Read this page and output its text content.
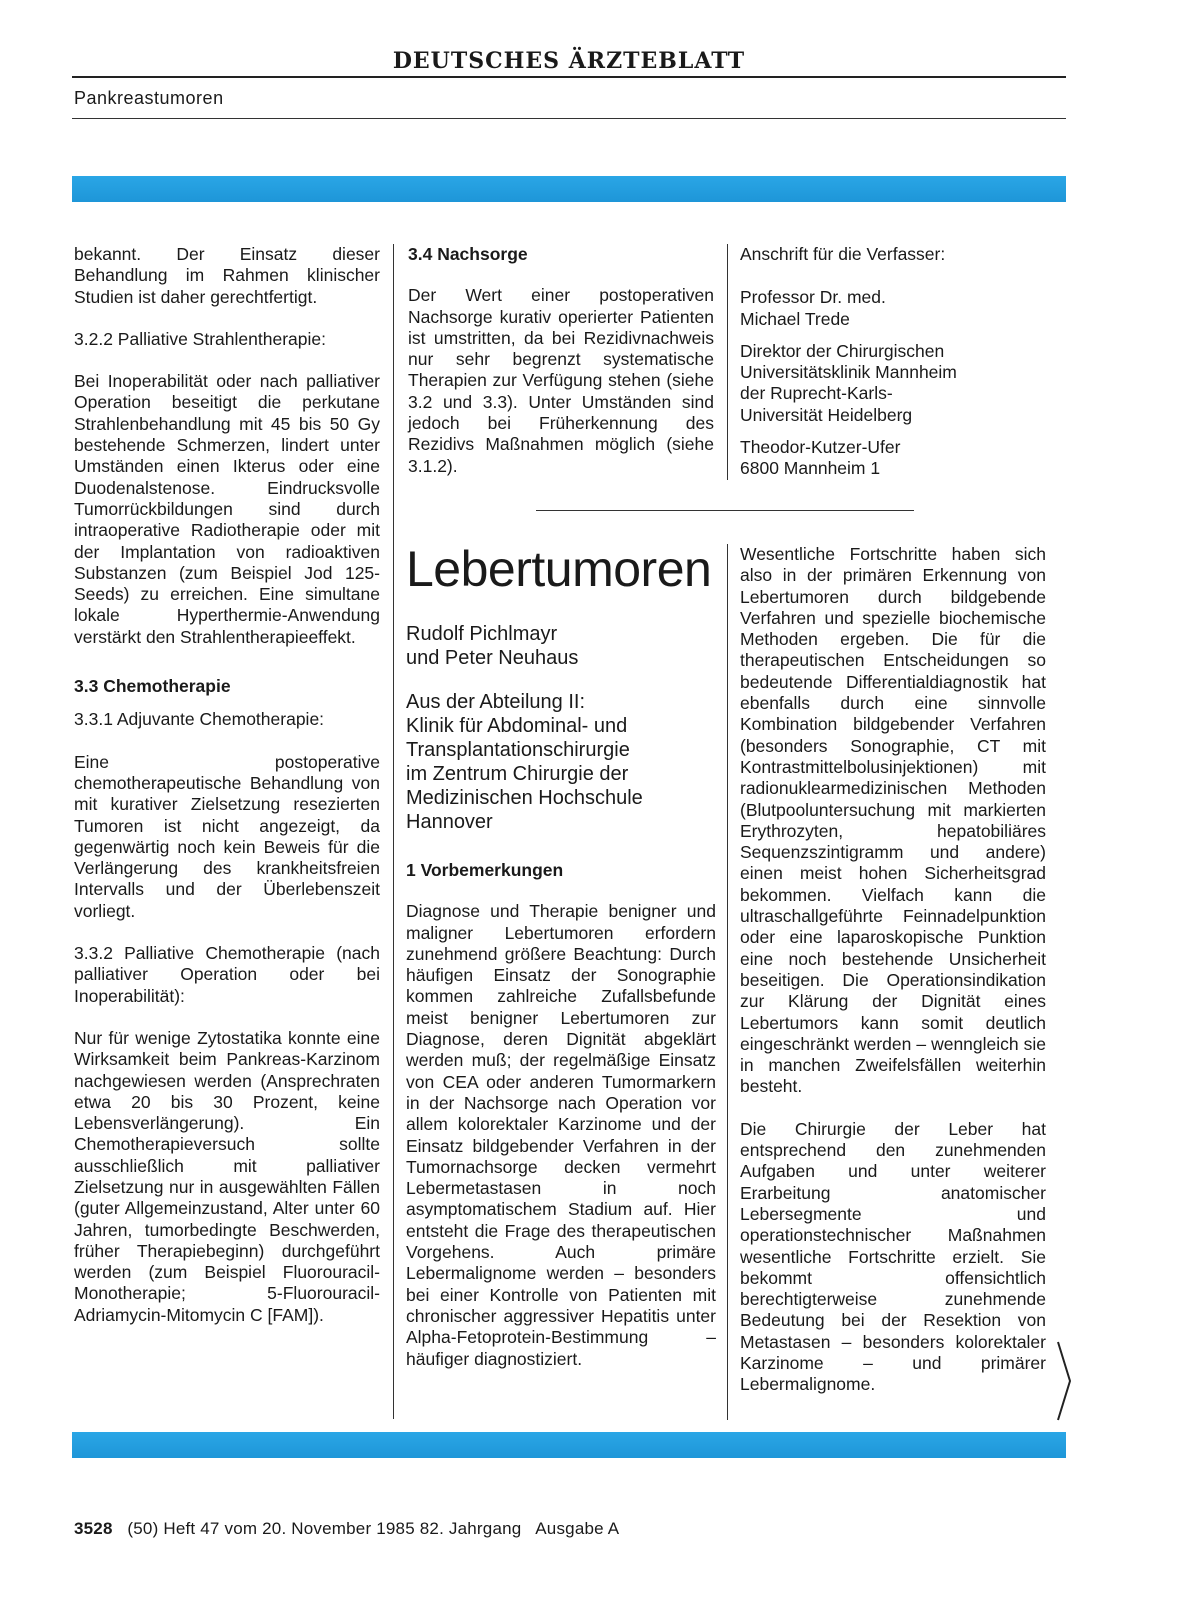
DEUTSCHES ÄRZTEBLATT
Pankreastumoren

bekannt. Der Einsatz dieser Behandlung im Rahmen klinischer Studien ist daher gerechtfertigt.

3.2.2 Palliative Strahlentherapie:

Bei Inoperabilität oder nach palliativer Operation beseitigt die perkutane Strahlenbehandlung mit 45 bis 50 Gy bestehende Schmerzen, lindert unter Umständen einen Ikterus oder eine Duodenalstenose. Eindrucksvolle Tumorrückbildungen sind durch intraoperative Radiotherapie oder mit der Implantation von radioaktiven Substanzen (zum Beispiel Jod 125-Seeds) zu erreichen. Eine simultane lokale Hyperthermie-Anwendung verstärkt den Strahlentherapieeffekt.

3.3 Chemotherapie

3.3.1 Adjuvante Chemotherapie:

Eine postoperative chemotherapeutische Behandlung von mit kurativer Zielsetzung resezierten Tumoren ist nicht angezeigt, da gegenwärtig noch kein Beweis für die Verlängerung des krankheitsfreien Intervalls und der Überlebenszeit vorliegt.

3.3.2 Palliative Chemotherapie (nach palliativer Operation oder bei Inoperabilität):

Nur für wenige Zytostatika konnte eine Wirksamkeit beim Pankreas-Karzinom nachgewiesen werden (Ansprechraten etwa 20 bis 30 Prozent, keine Lebensverlängerung). Ein Chemotherapieversuch sollte ausschließlich mit palliativer Zielsetzung nur in ausgewählten Fällen (guter Allgemeinzustand, Alter unter 60 Jahren, tumorbedingte Beschwerden, früher Therapiebeginn) durchgeführt werden (zum Beispiel Fluorouracil-Monotherapie; 5-Fluorouracil-Adriamycin-Mitomycin C [FAM]).

3.4 Nachsorge

Der Wert einer postoperativen Nachsorge kurativ operierter Patienten ist umstritten, da bei Rezidivnachweis nur sehr begrenzt systematische Therapien zur Verfügung stehen (siehe 3.2 und 3.3). Unter Umständen sind jedoch bei Früherkennung des Rezidivs Maßnahmen möglich (siehe 3.1.2).

Anschrift für die Verfasser:
Professor Dr. med.
Michael Trede
Direktor der Chirurgischen
Universitätsklinik Mannheim
der Ruprecht-Karls-
Universität Heidelberg
Theodor-Kutzer-Ufer
6800 Mannheim 1
Lebertumoren
Rudolf Pichlmayr
und Peter Neuhaus
Aus der Abteilung II:
Klinik für Abdominal- und
Transplantationschirurgie
im Zentrum Chirurgie der
Medizinischen Hochschule
Hannover
1 Vorbemerkungen

Diagnose und Therapie benigner und maligner Lebertumoren erfordern zunehmend größere Beachtung: Durch häufigen Einsatz der Sonographie kommen zahlreiche Zufallsbefunde meist benigner Lebertumoren zur Diagnose, deren Dignität abgeklärt werden muß; der regelmäßige Einsatz von CEA oder anderen Tumormarkern in der Nachsorge nach Operation vor allem kolorektaler Karzinome und der Einsatz bildgebender Verfahren in der Tumornachsorge decken vermehrt Lebermetastasen in noch asymptomatischem Stadium auf. Hier entsteht die Frage des therapeutischen Vorgehens. Auch primäre Lebermalignome werden – besonders bei einer Kontrolle von Patienten mit chronischer aggressiver Hepatitis unter Alpha-Fetoprotein-Bestimmung – häufiger diagnostiziert.

Wesentliche Fortschritte haben sich also in der primären Erkennung von Lebertumoren durch bildgebende Verfahren und spezielle biochemische Methoden ergeben. Die für die therapeutischen Entscheidungen so bedeutende Differentialdiagnostik hat ebenfalls durch eine sinnvolle Kombination bildgebender Verfahren (besonders Sonographie, CT mit Kontrastmittelbolusinjektionen) mit radionuklearmedizinischen Methoden (Blutpooluntersuchung mit markierten Erythrozyten, hepatobiliäres Sequenzszintigramm und andere) einen meist hohen Sicherheitsgrad bekommen. Vielfach kann die ultraschallgeführte Feinnadelpunktion oder eine laparoskopische Punktion eine noch bestehende Unsicherheit beseitigen. Die Operationsindikation zur Klärung der Dignität eines Lebertumors kann somit deutlich eingeschränkt werden – wenngleich sie in manchen Zweifelsfällen weiterhin besteht.

Die Chirurgie der Leber hat entsprechend den zunehmenden Aufgaben und unter weiterer Erarbeitung anatomischer Lebersegmente und operationstechnischer Maßnahmen wesentliche Fortschritte erzielt. Sie bekommt offensichtlich berechtigterweise zunehmende Bedeutung bei der Resektion von Metastasen – besonders kolorektaler Karzinome – und primärer Lebermalignome.

3528 (50) Heft 47 vom 20. November 1985 82. Jahrgang Ausgabe A
